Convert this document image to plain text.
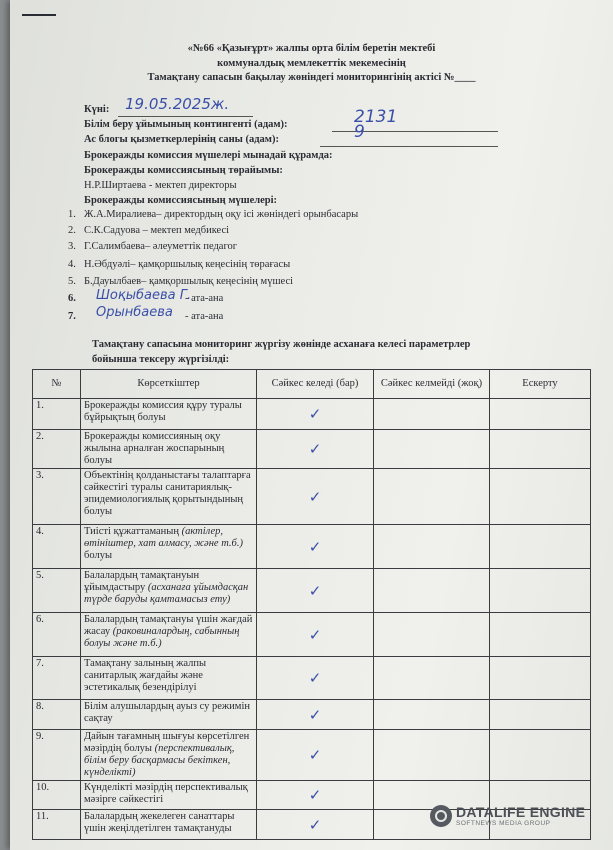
«№66 «Қазығұрт» жалпы орта білім беретін мектебі
коммуналдық мемлекеттік мекемесінің
Тамақтану сапасын бақылау жөніндегі мониторингінің актісі №____
Күні: 19.05.2025ж.
Білім беру ұйымының контингенті (адам):	2131
Ас блогы қызметкерлерінің саны (адам):	9
Брокеражды комиссия мүшелері мынадай құрамда:
Брокеражды комиссиясының төрайымы:
Н.Р.Ширтаева - мектеп директоры
Брокеражды комиссиясының мүшелері:
1. Ж.А.Миралиева– директордың оқу ісі жөніндегі орынбасары
2. С.К.Садуова – мектеп медбикесі
3. Г.Салимбаева– әлеуметтік педагог
4. Н.Әбдуәлі– қамқоршылық кеңесінің төрағасы
5. Б.Дауылбаев– қамқоршылық кеңесінің мүшесі
6. Шоқыбаева Г.
- ата-ана
7. Орынбаева - ата-ана
Тамақтану сапасына мониторинг жүргізу жөнінде асханаға келесі параметрлер
бойынша тексеру жүргізілді:
№	Көрсеткіштер	Сәйкес келеді (бар)	Сәйкес келмейді (жоқ)	Ескерту
1.	Брокеражды комиссия құру туралы бұйрықтың болуы	✓		
2.	Брокеражды комиссияның оқу жылына арналған жоспарының болуы	✓		
3.	Объектінің қолданыстағы талаптарға сәйкестігі туралы санитариялық-эпидемиологиялық қорытындының болуы	✓		
4.	Тиісті құжаттаманың (актілер, өтініштер, хат алмасу, және т.б.) болуы	✓		
5.	Балалардың тамақтануын ұйымдастыру (асханаға ұйымдасқан түрде баруды қамтамасыз ету)	✓		
6.	Балалардың тамақтануы үшін жағдай жасау (раковиналардың, сабынның болуы және т.б.)	✓		
7.	Тамақтану залының жалпы санитарлық жағдайы және эстетикалық безендірілуі	✓		
8.	Білім алушылардың ауыз су режимін сақтау	✓		
9.	Дайын тағамның шығуы көрсетілген мәзірдің болуы (перспективалық, білім беру басқармасы бекіткен, күнделікті)	✓		
10.	Күнделікті мәзірдің перспективалық мәзірге сәйкестігі	✓		
11.	Балалардың жекелеген санаттары үшін жеңілдетілген тамақтануды	✓		
DATALIFE ENGINE
SOFTNEWS MEDIA GROUP
